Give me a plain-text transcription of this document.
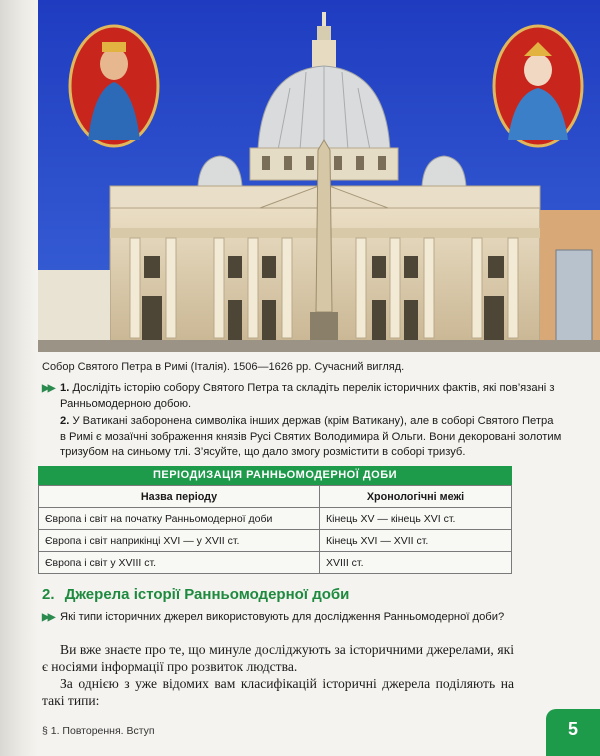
Собор Святого Петра в Римі (Італія). 1506—1626 рр. Сучасний вигляд.
▶▶ 1. Дослідіть історію собору Святого Петра та складіть перелік історичних фактів, які пов’язані з Ранньомодерною добою.
2. У Ватикані заборонена символіка інших держав (крім Ватикану), але в соборі Святого Петра в Римі є мозаїчні зображення князів Русі Святих Володимира й Ольги. Вони декоровані золотим тризубом на синьому тлі. З’ясуйте, що дало змогу розмістити в соборі тризуб.
ПЕРІОДИЗАЦІЯ РАННЬОМОДЕРНОЇ ДОБИ
Назва періоду	Хронологічні межі
Європа і світ на початку Ранньомодерної доби	Кінець XV — кінець XVI ст.
Європа і світ наприкінці XVI — у XVII ст.	Кінець XVI — XVII ст.
Європа і світ у XVIII ст.	XVIII ст.
2. Джерела історії Ранньомодерної доби
▶▶ Які типи історичних джерел використовують для дослідження Ранньомодерної доби?

Ви вже знаєте про те, що минуле досліджують за історичними джерелами, які є носіями інформації про розвиток людства.

За однією з уже відомих вам класифікацій історичні джерела поділяють на такі типи:

§ 1. Повторення. Вступ	5
